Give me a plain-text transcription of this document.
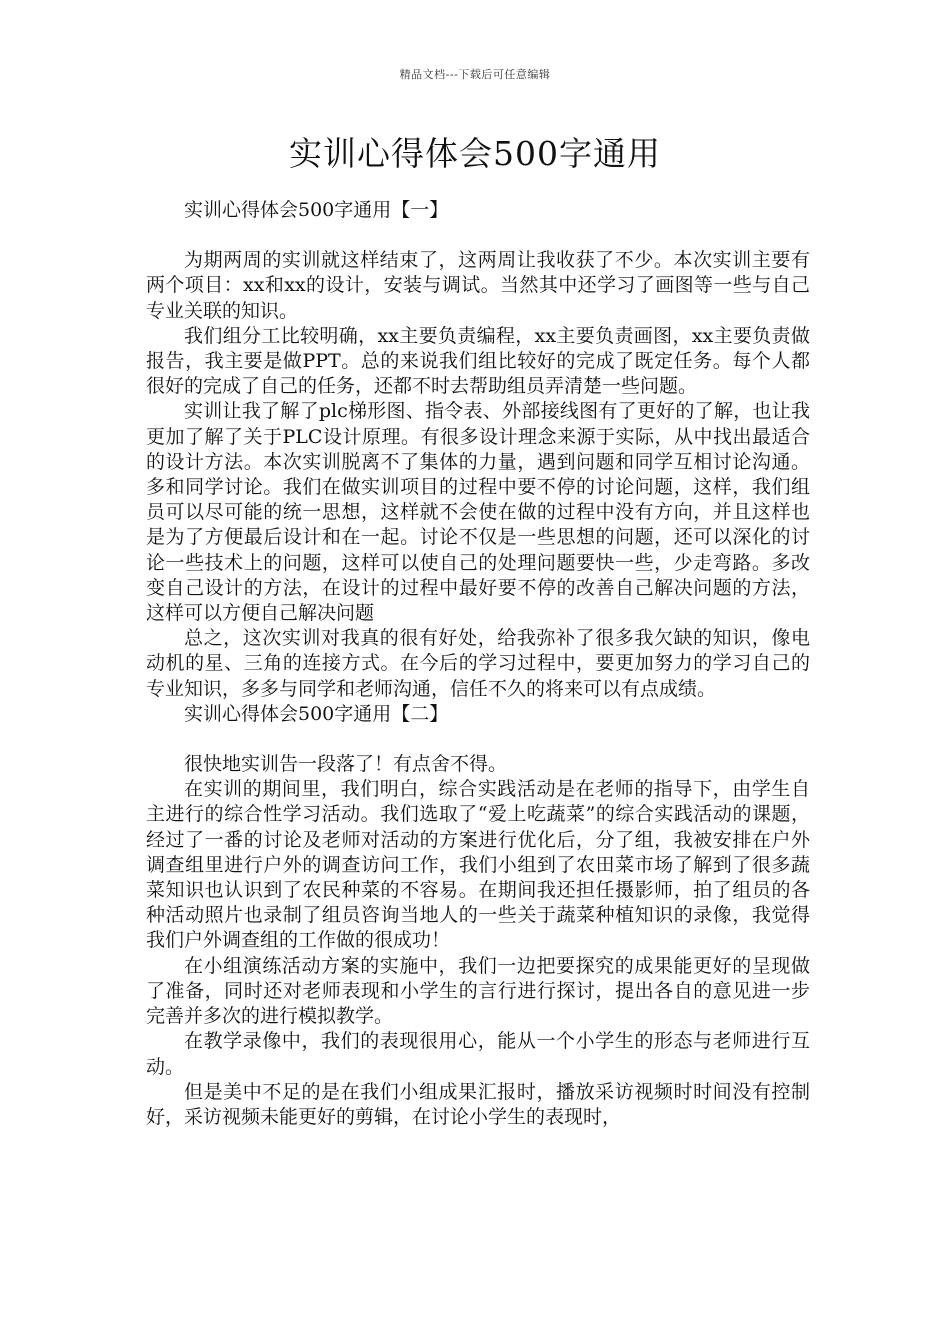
精品文档---下载后可任意编辑
实训心得体会500字通用
实训心得体会500字通用【一】

为期两周的实训就这样结束了，这两周让我收获了不少。本次实训主要有两个项目：xx和xx的设计，安装与调试。当然其中还学习了画图等一些与自己专业关联的知识。

我们组分工比较明确，xx主要负责编程，xx主要负责画图，xx主要负责做报告，我主要是做PPT。总的来说我们组比较好的完成了既定任务。每个人都很好的完成了自己的任务，还都不时去帮助组员弄清楚一些问题。

实训让我了解了plc梯形图、指令表、外部接线图有了更好的了解，也让我更加了解了关于PLC设计原理。有很多设计理念来源于实际，从中找出最适合的设计方法。本次实训脱离不了集体的力量，遇到问题和同学互相讨论沟通。多和同学讨论。我们在做实训项目的过程中要不停的讨论问题，这样，我们组员可以尽可能的统一思想，这样就不会使在做的过程中没有方向，并且这样也是为了方便最后设计和在一起。讨论不仅是一些思想的问题，还可以深化的讨论一些技术上的问题，这样可以使自己的处理问题要快一些，少走弯路。多改变自己设计的方法，在设计的过程中最好要不停的改善自己解决问题的方法，这样可以方便自己解决问题

总之，这次实训对我真的很有好处，给我弥补了很多我欠缺的知识，像电动机的星、三角的连接方式。在今后的学习过程中，要更加努力的学习自己的专业知识，多多与同学和老师沟通，信任不久的将来可以有点成绩。

实训心得体会500字通用【二】

很快地实训告一段落了！有点舍不得。

在实训的期间里，我们明白，综合实践活动是在老师的指导下，由学生自主进行的综合性学习活动。我们选取了“爱上吃蔬菜”的综合实践活动的课题，经过了一番的讨论及老师对活动的方案进行优化后，分了组，我被安排在户外调查组里进行户外的调查访问工作，我们小组到了农田菜市场了解到了很多蔬菜知识也认识到了农民种菜的不容易。在期间我还担任摄影师，拍了组员的各种活动照片也录制了组员咨询当地人的一些关于蔬菜种植知识的录像，我觉得我们户外调查组的工作做的很成功！

在小组演练活动方案的实施中，我们一边把要探究的成果能更好的呈现做了准备，同时还对老师表现和小学生的言行进行探讨，提出各自的意见进一步完善并多次的进行模拟教学。

在教学录像中，我们的表现很用心，能从一个小学生的形态与老师进行互动。

但是美中不足的是在我们小组成果汇报时，播放采访视频时时间没有控制好，采访视频未能更好的剪辑，在讨论小学生的表现时，
